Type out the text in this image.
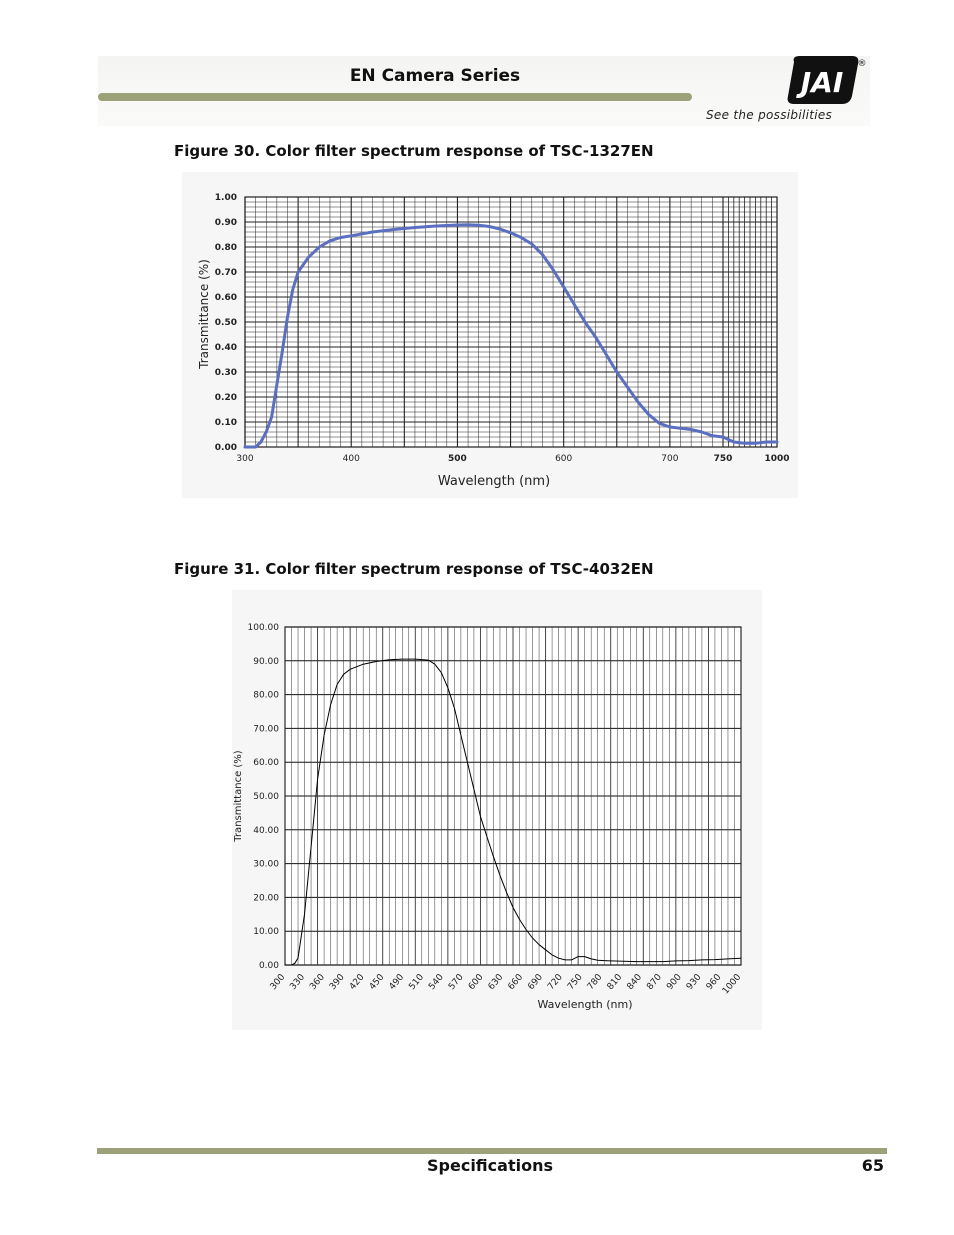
EN Camera Series	JAI
®
See the possibilities
Figure 30. Color filter spectrum response of TSC-1327EN
0.00
0.10
0.20
0.30
0.40
0.50
0.60
0.70
0.80
0.90
1.00
300	400	500	600	700	750	1000
Transmittance (%)
Wavelength (nm)
Figure 31. Color filter spectrum response of TSC-4032EN
0.00
10.00
20.00
30.00
40.00
50.00
60.00
70.00
80.00
90.00
100.00
300 330 360 390 420 450 490 510 540 570 600 630 660 690 720 750 780 810 840 870 900 930 960
1000
Transmittance (%)
Wavelength (nm)
Specifications	65
